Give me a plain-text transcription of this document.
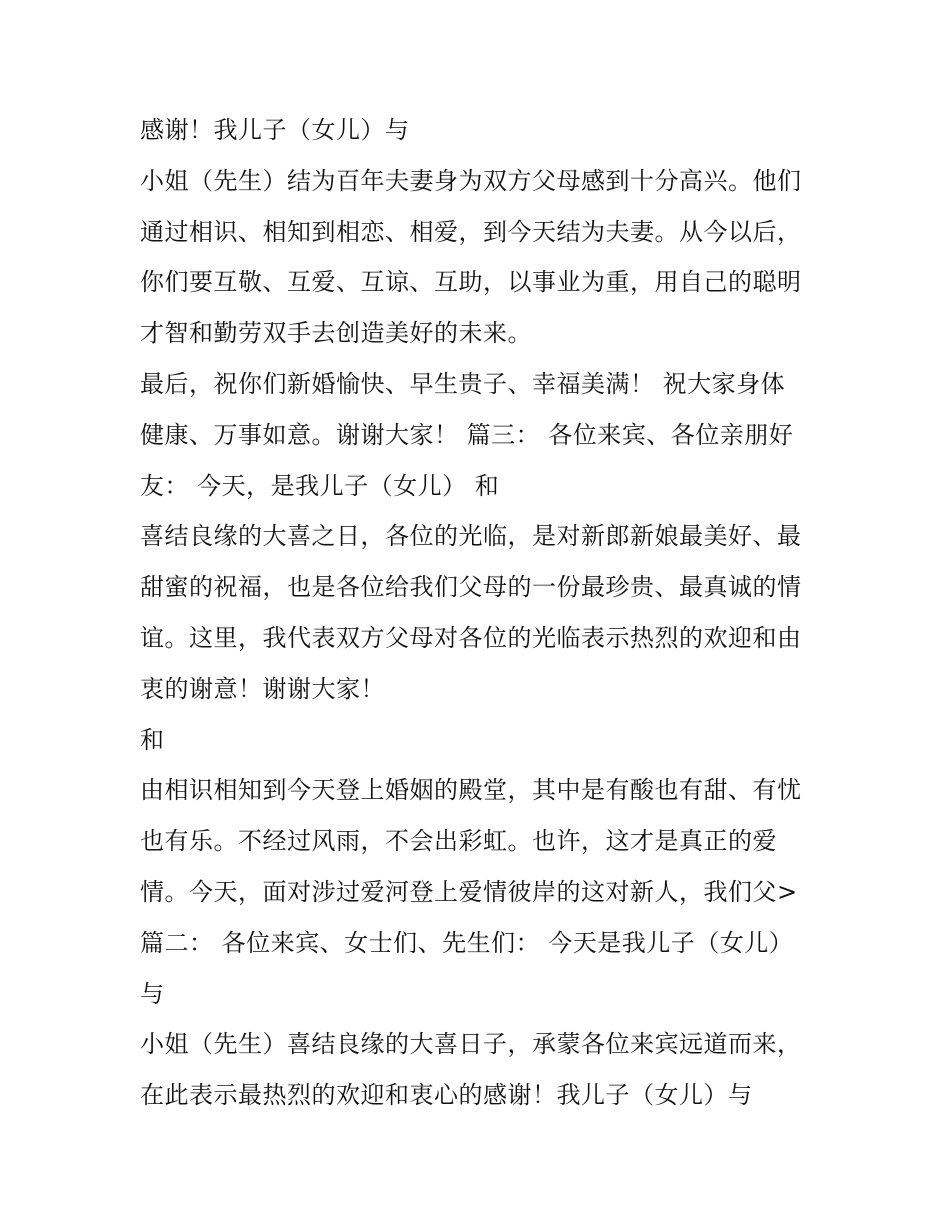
感谢！我儿子（女儿）与
小姐（先生）结为百年夫妻身为双方父母感到十分高兴。他们
通过相识、相知到相恋、相爱，到今天结为夫妻。从今以后，
你们要互敬、互爱、互谅、互助，以事业为重，用自己的聪明
才智和勤劳双手去创造美好的未来。
最后，祝你们新婚愉快、早生贵子、幸福美满！ 祝大家身体
健康、万事如意。谢谢大家！ 篇三： 各位来宾、各位亲朋好
友： 今天，是我儿子（女儿） 和
喜结良缘的大喜之日，各位的光临，是对新郎新娘最美好、最
甜蜜的祝福，也是各位给我们父母的一份最珍贵、最真诚的情
谊。这里，我代表双方父母对各位的光临表示热烈的欢迎和由
衷的谢意！谢谢大家！
和
由相识相知到今天登上婚姻的殿堂，其中是有酸也有甜、有忧
也有乐。不经过风雨，不会出彩虹。也许，这才是真正的爱
情。今天，面对涉过爱河登上爱情彼岸的这对新人，我们父>
篇二： 各位来宾、女士们、先生们： 今天是我儿子（女儿）
与
小姐（先生）喜结良缘的大喜日子，承蒙各位来宾远道而来，
在此表示最热烈的欢迎和衷心的感谢！我儿子（女儿）与
